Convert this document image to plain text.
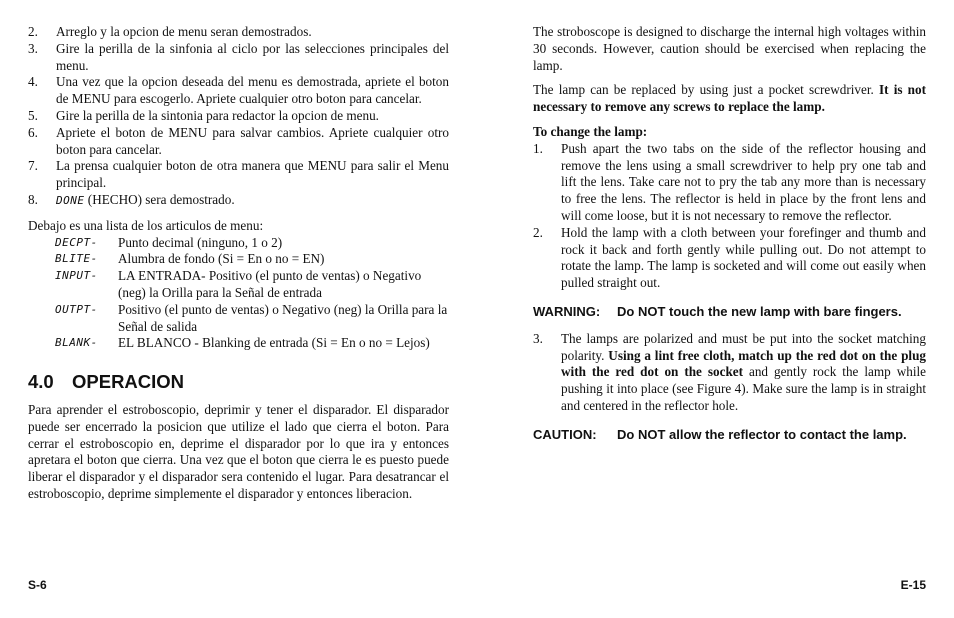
2.	Arreglo y la opcion de menu seran demostrados.
3.	Gire la perilla de la sinfonia al ciclo por las selecciones principales del menu.
4.	Una vez que la opcion deseada del menu es demostrada, apriete el boton de MENU para escogerlo. Apriete cualquier otro boton para cancelar.
5.	Gire la perilla de la sintonia para redactor la opcion de menu.
6.	Apriete el boton de MENU para salvar cambios. Apriete cualquier otro boton para cancelar.
7.	La prensa cualquier boton de otra manera que MENU para salir el Menu principal.
8.	DONE (HECHO) sera demostrado.

Debajo es una lista de los articulos de menu:

DECPT-	Punto decimal (ninguno, 1 o 2)
BLITE-	Alumbra de fondo (Si = En o no = EN)
INPUT-	LA ENTRADA- Positivo (el punto de ventas) o Negativo (neg) la Orilla para la Señal de entrada
OUTPT-	Positivo (el punto de ventas) o Negativo (neg) la Orilla para la Señal de salida
BLANK-	EL BLANCO - Blanking de entrada (Si = En o no = Lejos)
4.0 OPERACION

Para aprender el estroboscopio, deprimir y tener el disparador. El disparador puede ser encerrado la posicion que utilize el lado que cierra el boton. Para cerrar el estroboscopio en, deprime el disparador por lo que ira y entonces apretara el boton que cierra. Una vez que el boton que cierra le es puesto puede liberar el disparador y el disparador sera contenido el lugar. Para desatrancar el estroboscopio, deprime simplemente el disparador y entonces liberacion.

The stroboscope is designed to discharge the internal high voltages within 30 seconds. However, caution should be exercised when replacing the lamp.

The lamp can be replaced by using just a pocket screwdriver. It is not necessary to remove any screws to replace the lamp.

To change the lamp:

1.	Push apart the two tabs on the side of the reflector housing and remove the lens using a small screwdriver to help pry one tab and lift the lens. Take care not to pry the tab any more than is necessary to free the lens. The reflector is held in place by the front lens and will come loose, but it is not necessary to remove the reflector.
2.	Hold the lamp with a cloth between your forefinger and thumb and rock it back and forth gently while pulling out. Do not attempt to rotate the lamp. The lamp is socketed and will come out easily when pulled straight out.
WARNING:	Do NOT touch the new lamp with bare fingers.
3.	The lamps are polarized and must be put into the socket matching polarity. Using a lint free cloth, match up the red dot on the plug with the red dot on the socket and gently rock the lamp while pushing it into place (see Figure 4). Make sure the lamp is in straight and centered in the reflector hole.
CAUTION:	Do NOT allow the reflector to contact the lamp.
S-6	E-15
